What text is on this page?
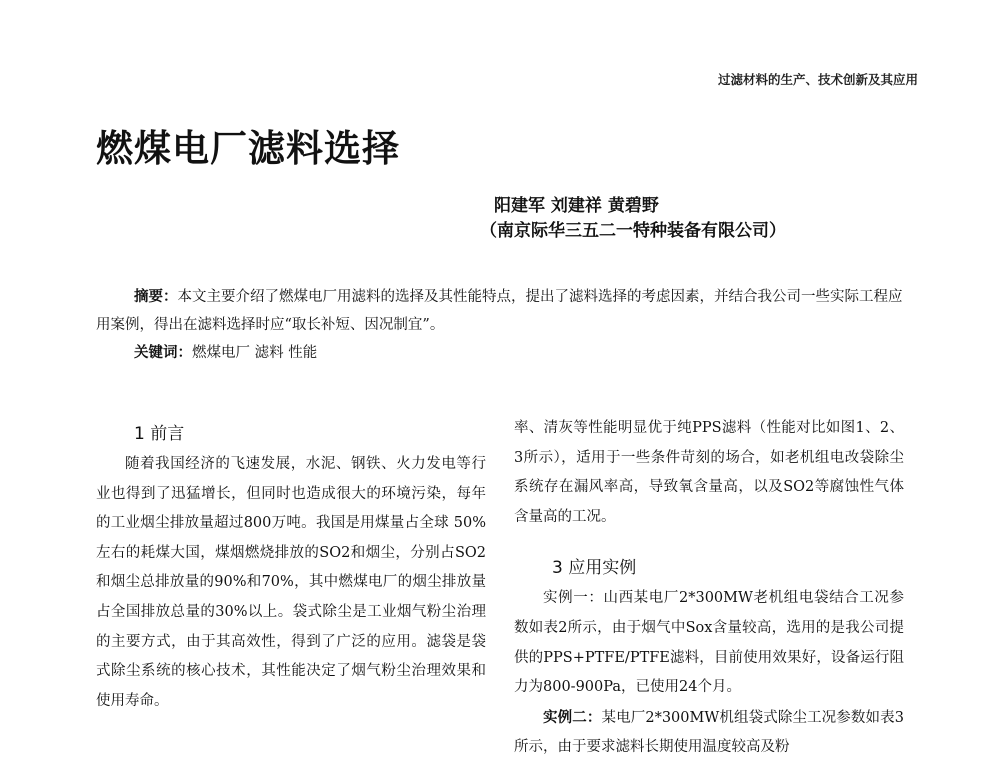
过滤材料的生产、技术创新及其应用
燃煤电厂滤料选择
阳建军 刘建祥 黄碧野
（南京际华三五二一特种装备有限公司）

摘要：本文主要介绍了燃煤电厂用滤料的选择及其性能特点，提出了滤料选择的考虑因素，并结合我公司一些实际工程应用案例，得出在滤料选择时应“取长补短、因况制宜”。

关键词：燃煤电厂 滤料 性能
1 前言

随着我国经济的飞速发展，水泥、钢铁、火力发电等行业也得到了迅猛增长，但同时也造成很大的环境污染，每年的工业烟尘排放量超过800万吨。我国是用煤量占全球 50%左右的耗煤大国，煤烟燃烧排放的SO2和烟尘，分别占SO2和烟尘总排放量的90%和70%，其中燃煤电厂的烟尘排放量占全国排放总量的30%以上。袋式除尘是工业烟气粉尘治理的主要方式，由于其高效性，得到了广泛的应用。滤袋是袋式除尘系统的核心技术，其性能决定了烟气粉尘治理效果和使用寿命。

率、清灰等性能明显优于纯PPS滤料（性能对比如图1、2、3所示），适用于一些条件苛刻的场合，如老机组电改袋除尘系统存在漏风率高，导致氧含量高，以及SO2等腐蚀性气体含量高的工况。

3 应用实例

实例一：山西某电厂2*300MW老机组电袋结合工况参数如表2所示，由于烟气中Sox含量较高，选用的是我公司提供的PPS+PTFE/PTFE滤料，目前使用效果好，设备运行阻力为800-900Pa，已使用24个月。

实例二：某电厂2*300MW机组袋式除尘工况参数如表3所示，由于要求滤料长期使用温度较高及粉
